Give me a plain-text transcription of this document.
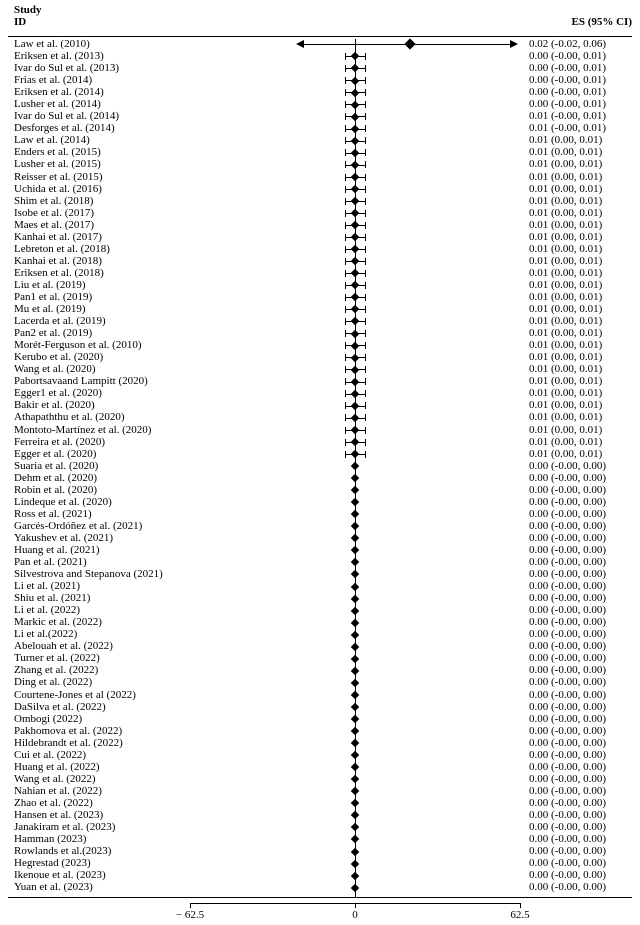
Study
ID	ES (95% CI)
Law et al. (2010)	0.02 (-0.02, 0.06)
Eriksen et al. (2013)	0.00 (-0.00, 0.01)
Ivar do Sul et al. (2013)	0.00 (-0.00, 0.01)
Frias et al. (2014)	0.00 (-0.00, 0.01)
Eriksen et al. (2014)	0.00 (-0.00, 0.01)
Lusher et al. (2014)	0.00 (-0.00, 0.01)
Ivar do Sul et al. (2014)	0.01 (-0.00, 0.01)
Desforges et al. (2014)	0.01 (-0.00, 0.01)
Law et al. (2014)	0.01 (0.00, 0.01)
Enders et al. (2015)	0.01 (0.00, 0.01)
Lusher et al. (2015)	0.01 (0.00, 0.01)
Reisser et al. (2015)	0.01 (0.00, 0.01)
Uchida et al. (2016)	0.01 (0.00, 0.01)
Shim et al. (2018)	0.01 (0.00, 0.01)
Isobe et al. (2017)	0.01 (0.00, 0.01)
Maes et al. (2017)	0.01 (0.00, 0.01)
Kanhai et al. (2017)	0.01 (0.00, 0.01)
Lebreton et al. (2018)	0.01 (0.00, 0.01)
Kanhai et al. (2018)	0.01 (0.00, 0.01)
Eriksen et al. (2018)	0.01 (0.00, 0.01)
Liu et al. (2019)	0.01 (0.00, 0.01)
Pan1 et al. (2019)	0.01 (0.00, 0.01)
Mu et al. (2019)	0.01 (0.00, 0.01)
Lacerda et al. (2019)	0.01 (0.00, 0.01)
Pan2 et al. (2019)	0.01 (0.00, 0.01)
Morét-Ferguson et al. (2010)	0.01 (0.00, 0.01)
Kerubo et al. (2020)	0.01 (0.00, 0.01)
Wang et al. (2020)	0.01 (0.00, 0.01)
Pabortsavaand Lampitt (2020)	0.01 (0.00, 0.01)
Egger1 et al. (2020)	0.01 (0.00, 0.01)
Bakir et al. (2020)	0.01 (0.00, 0.01)
Athapaththu et al. (2020)	0.01 (0.00, 0.01)
Montoto-Martínez et al. (2020)	0.01 (0.00, 0.01)
Ferreira et al. (2020)	0.01 (0.00, 0.01)
Egger et al. (2020)	0.01 (0.00, 0.01)
Suaria et al. (2020)	0.00 (-0.00, 0.00)
Dehm et al. (2020)	0.00 (-0.00, 0.00)
Robin et al. (2020)	0.00 (-0.00, 0.00)
Lindeque et al. (2020)	0.00 (-0.00, 0.00)
Ross et al. (2021)	0.00 (-0.00, 0.00)
Garcés-Ordóñez et al. (2021)	0.00 (-0.00, 0.00)
Yakushev et al. (2021)	0.00 (-0.00, 0.00)
Huang et al. (2021)	0.00 (-0.00, 0.00)
Pan et al. (2021)	0.00 (-0.00, 0.00)
Silvestrova and Stepanova (2021)	0.00 (-0.00, 0.00)
Li et al. (2021)	0.00 (-0.00, 0.00)
Shiu et al. (2021)	0.00 (-0.00, 0.00)
Li et al. (2022)	0.00 (-0.00, 0.00)
Markic et al. (2022)	0.00 (-0.00, 0.00)
Li et al.(2022)	0.00 (-0.00, 0.00)
Abelouah et al. (2022)	0.00 (-0.00, 0.00)
Turner et al. (2022)	0.00 (-0.00, 0.00)
Zhang et al. (2022)	0.00 (-0.00, 0.00)
Ding et al. (2022)	0.00 (-0.00, 0.00)
Courtene-Jones et al (2022)	0.00 (-0.00, 0.00)
DaSilva et al. (2022)	0.00 (-0.00, 0.00)
Ombogi (2022)	0.00 (-0.00, 0.00)
Pakhomova et al. (2022)	0.00 (-0.00, 0.00)
Hildebrandt et al. (2022)	0.00 (-0.00, 0.00)
Cui et al. (2022)	0.00 (-0.00, 0.00)
Huang et al. (2022)	0.00 (-0.00, 0.00)
Wang et al. (2022)	0.00 (-0.00, 0.00)
Nahian et al. (2022)	0.00 (-0.00, 0.00)
Zhao et al. (2022)	0.00 (-0.00, 0.00)
Hansen et al. (2023)	0.00 (-0.00, 0.00)
Janakiram et al. (2023)	0.00 (-0.00, 0.00)
Hamman (2023)	0.00 (-0.00, 0.00)
Rowlands et al.(2023)	0.00 (-0.00, 0.00)
Hegrestad (2023)	0.00 (-0.00, 0.00)
Ikenoue et al. (2023)	0.00 (-0.00, 0.00)
Yuan et al. (2023)	0.00 (-0.00, 0.00)
− 62.5	0	62.5
